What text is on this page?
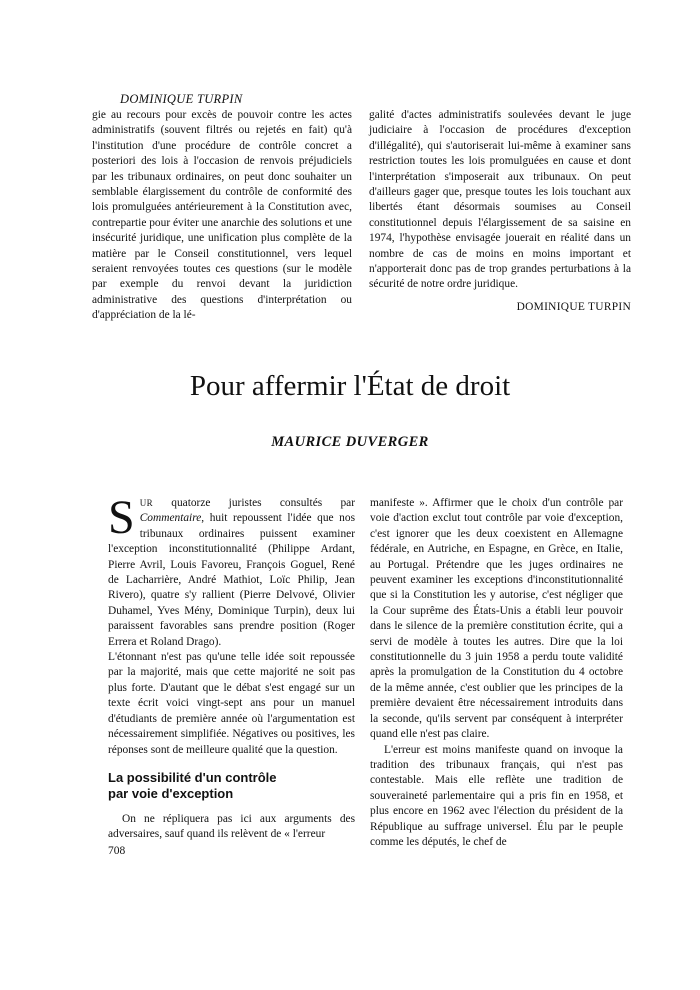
DOMINIQUE TURPIN

gie au recours pour excès de pouvoir contre les actes administratifs (souvent filtrés ou rejetés en fait) qu'à l'institution d'une procédure de contrôle concret a posteriori des lois à l'occasion de renvois préjudiciels par les tribunaux ordinaires, on peut donc souhaiter un semblable élargissement du contrôle de conformité des lois promulguées antérieurement à la Constitution avec, contrepartie pour éviter une anarchie des solutions et une insécurité juridique, une unification plus complète de la matière par le Conseil constitutionnel, vers lequel seraient renvoyées toutes ces questions (sur le modèle par exemple du renvoi devant la juridiction administrative des questions d'interprétation ou d'appréciation de la lé-

galité d'actes administratifs soulevées devant le juge judiciaire à l'occasion de procédures d'exception d'illégalité), qui s'autoriserait lui-même à examiner sans restriction toutes les lois promulguées en cause et dont l'interprétation s'imposerait aux tribunaux. On peut d'ailleurs gager que, presque toutes les lois touchant aux libertés étant désormais soumises au Conseil constitutionnel depuis l'élargissement de sa saisine en 1974, l'hypothèse envisagée jouerait en réalité dans un nombre de cas de moins en moins important et n'apporterait donc pas de trop grandes perturbations à la sécurité de notre ordre juridique.

DOMINIQUE TURPIN
Pour affermir l'État de droit
MAURICE DUVERGER

SUR quatorze juristes consultés par Commentaire, huit repoussent l'idée que nos tribunaux ordinaires puissent examiner l'exception inconstitutionnalité (Philippe Ardant, Pierre Avril, Louis Favoreu, François Goguel, René de Lacharrière, André Mathiot, Loïc Philip, Jean Rivero), quatre s'y rallient (Pierre Delvové, Olivier Duhamel, Yves Mény, Dominique Turpin), deux lui paraissent favorables sans prendre position (Roger Errera et Roland Drago).

L'étonnant n'est pas qu'une telle idée soit repoussée par la majorité, mais que cette majorité ne soit pas plus forte. D'autant que le débat s'est engagé sur un texte écrit voici vingt-sept ans pour un manuel d'étudiants de première année où l'argumentation est nécessairement simplifiée. Négatives ou positives, les réponses sont de meilleure qualité que la question.

La possibilité d'un contrôle
par voie d'exception

On ne répliquera pas ici aux arguments des adversaires, sauf quand ils relèvent de « l'erreur

manifeste ». Affirmer que le choix d'un contrôle par voie d'action exclut tout contrôle par voie d'exception, c'est ignorer que les deux coexistent en Allemagne fédérale, en Autriche, en Espagne, en Grèce, en Italie, au Portugal. Prétendre que les juges ordinaires ne peuvent examiner les exceptions d'inconstitutionnalité que si la Constitution les y autorise, c'est négliger que la Cour suprême des États-Unis a établi leur pouvoir dans le silence de la première constitution écrite, qui a servi de modèle à toutes les autres. Dire que la loi constitutionnelle du 3 juin 1958 a perdu toute validité après la promulgation de la Constitution du 4 octobre de la même année, c'est oublier que les principes de la première devaient être nécessairement introduits dans la seconde, qu'ils servent par conséquent à interpréter quand elle n'est pas claire.

L'erreur est moins manifeste quand on invoque la tradition des tribunaux français, qui n'est pas contestable. Mais elle reflète une tradition de souveraineté parlementaire qui a pris fin en 1958, et plus encore en 1962 avec l'élection du président de la République au suffrage universel. Élu par le peuple comme les députés, le chef de

708
